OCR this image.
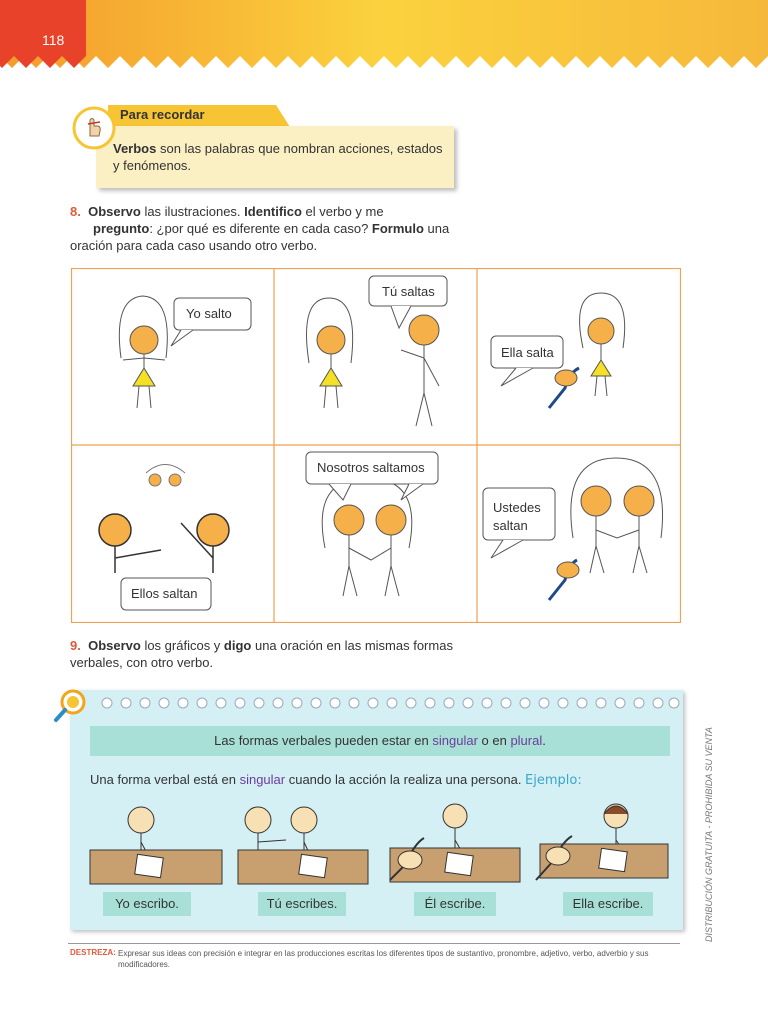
118
Para recordar
Verbos son las palabras que nombran acciones, estados y fenómenos.
8. Observo las ilustraciones. Identifico el verbo y me
pregunto: ¿por qué es diferente en cada caso? Formulo una oración para cada caso usando otro verbo.
Yo salto
Tú saltas
Ella salta
Ellos saltan
Nosotros saltamos
Ustedes
saltan
9. Observo los gráficos y digo una oración en las mismas formas verbales, con otro verbo.
Las formas verbales pueden estar en singular o en plural.
Una forma verbal está en singular cuando la acción la realiza una persona. Ejemplo:
Yo escribo.	Tú escribes.	Él escribe.	Ella escribe.	DISTRIBUCIÓN GRATUITA - PROHIBIDA SU VENTA
DESTREZA: Expresar sus ideas con precisión e integrar en las producciones escritas los diferentes tipos de sustantivo, pronombre, adjetivo, verbo, adverbio y sus modificadores.
